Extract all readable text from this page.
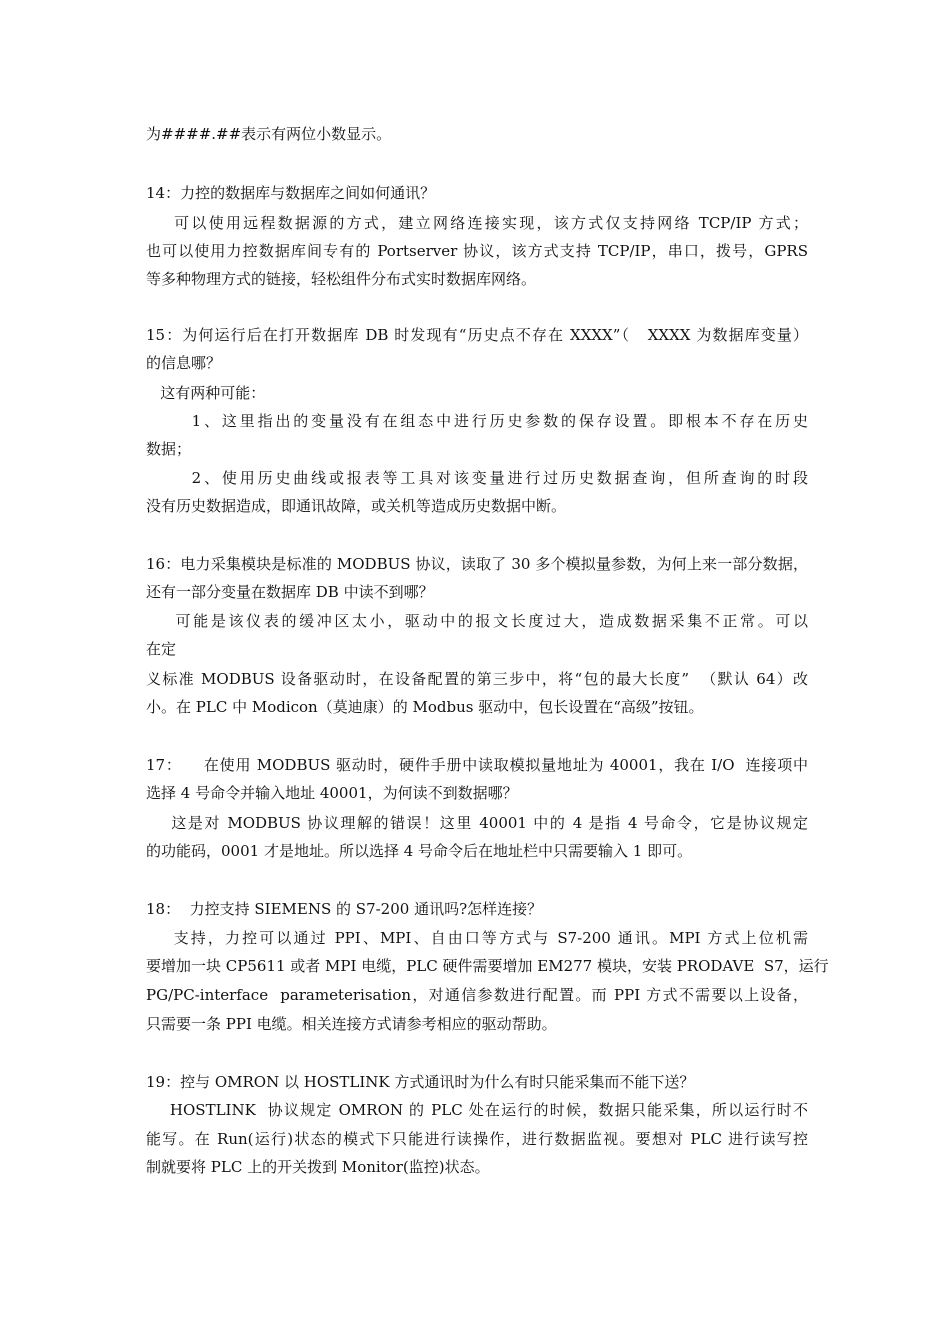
为####.##表示有两位小数显示。
14：力控的数据库与数据库之间如何通讯？
可以使用远程数据源的方式，建立网络连接实现，该方式仅支持网络 TCP/IP 方式；
也可以使用力控数据库间专有的 Portserver 协议，该方式支持 TCP/IP，串口，拨号，GPRS
等多种物理方式的链接，轻松组件分布式实时数据库网络。
15：为何运行后在打开数据库 DB 时发现有“历史点不存在 XXXX”（   XXXX 为数据库变量）
的信息哪？
这有两种可能：
1、这里指出的变量没有在组态中进行历史参数的保存设置。即根本不存在历史
数据；
2、使用历史曲线或报表等工具对该变量进行过历史数据查询，但所查询的时段
没有历史数据造成，即通讯故障，或关机等造成历史数据中断。
16：电力采集模块是标准的 MODBUS 协议，读取了 30 多个模拟量参数，为何上来一部分数据，
还有一部分变量在数据库 DB 中读不到哪？
可能是该仪表的缓冲区太小，驱动中的报文长度过大，造成数据采集不正常。可以
在定
义标准 MODBUS 设备驱动时，在设备配置的第三步中，将“包的最大长度”  （默认 64）改
小。在 PLC 中 Modicon（莫迪康）的 Modbus 驱动中，包长设置在“高级”按钮。
17：    在使用 MODBUS 驱动时，硬件手册中读取模拟量地址为 40001，我在 I/O  连接项中
选择 4 号命令并输入地址 40001，为何读不到数据哪？
这是对 MODBUS 协议理解的错误！这里 40001 中的 4 是指 4 号命令，它是协议规定
的功能码，0001 才是地址。所以选择 4 号命令后在地址栏中只需要输入 1 即可。
18：  力控支持 SIEMENS 的 S7-200 通讯吗?怎样连接？
支持，力控可以通过 PPI、MPI、自由口等方式与 S7-200 通讯。MPI 方式上位机需
要增加一块 CP5611 或者 MPI 电缆，PLC 硬件需要增加 EM277 模块，安装 PRODAVE  S7，运行
PG/PC-interface  parameterisation，对通信参数进行配置。而 PPI 方式不需要以上设备，
只需要一条 PPI 电缆。相关连接方式请参考相应的驱动帮助。
19：控与 OMRON 以 HOSTLINK 方式通讯时为什么有时只能采集而不能下送？
HOSTLINK  协议规定 OMRON 的 PLC 处在运行的时候，数据只能采集，所以运行时不
能写。在 Run(运行)状态的模式下只能进行读操作，进行数据监视。要想对 PLC 进行读写控
制就要将 PLC 上的开关拨到 Monitor(监控)状态。
